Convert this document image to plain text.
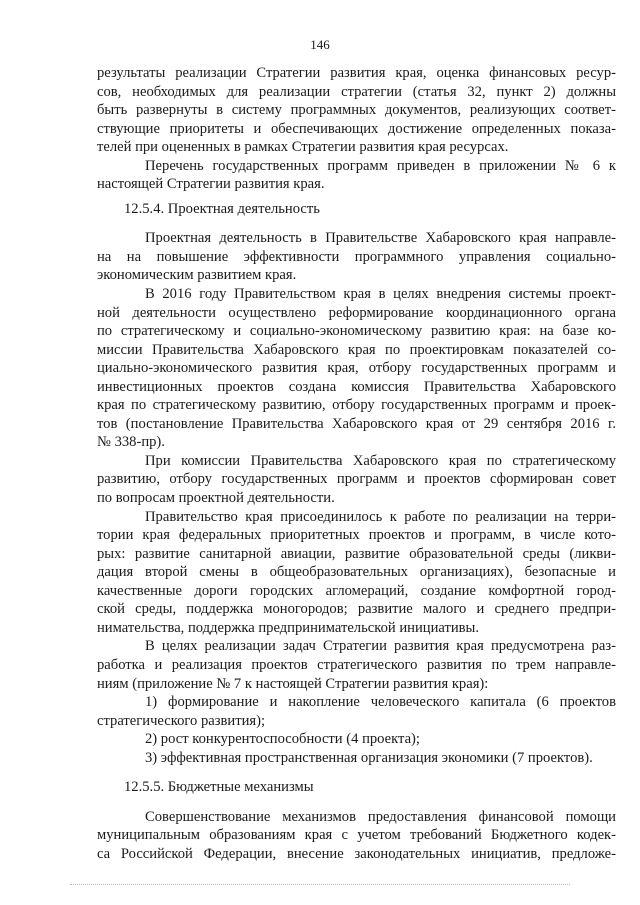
146
результаты реализации Стратегии развития края, оценка финансовых ресур-
сов, необходимых для реализации стратегии (статья 32, пункт 2) должны
быть развернуты в систему программных документов, реализующих соответ-
ствующие приоритеты и обеспечивающих достижение определенных показа-
телей при оцененных в рамках Стратегии развития края ресурсах.
Перечень государственных программ приведен в приложении № 6 к
настоящей Стратегии развития края.
12.5.4. Проектная деятельность
Проектная деятельность в Правительстве Хабаровского края направле-
на на повышение эффективности программного управления социально-
экономическим развитием края.
В 2016 году Правительством края в целях внедрения системы проект-
ной деятельности осуществлено реформирование координационного органа
по стратегическому и социально-экономическому развитию края: на базе ко-
миссии Правительства Хабаровского края по проектировкам показателей со-
циально-экономического развития края, отбору государственных программ и
инвестиционных проектов создана комиссия Правительства Хабаровского
края по стратегическому развитию, отбору государственных программ и проек-
тов (постановление Правительства Хабаровского края от 29 сентября 2016 г.
№ 338-пр).
При комиссии Правительства Хабаровского края по стратегическому
развитию, отбору государственных программ и проектов сформирован совет
по вопросам проектной деятельности.
Правительство края присоединилось к работе по реализации на терри-
тории края федеральных приоритетных проектов и программ, в числе кото-
рых: развитие санитарной авиации, развитие образовательной среды (ликви-
дация второй смены в общеобразовательных организациях), безопасные и
качественные дороги городских агломераций, создание комфортной город-
ской среды, поддержка моногородов; развитие малого и среднего предпри-
нимательства, поддержка предпринимательской инициативы.
В целях реализации задач Стратегии развития края предусмотрена раз-
работка и реализация проектов стратегического развития по трем направле-
ниям (приложение № 7 к настоящей Стратегии развития края):
1) формирование и накопление человеческого капитала (6 проектов
стратегического развития);
2) рост конкурентоспособности (4 проекта);
3) эффективная пространственная организация экономики (7 проектов).
12.5.5. Бюджетные механизмы
Совершенствование механизмов предоставления финансовой помощи
муниципальным образованиям края с учетом требований Бюджетного кодек-
са Российской Федерации, внесение законодательных инициатив, предложе-
